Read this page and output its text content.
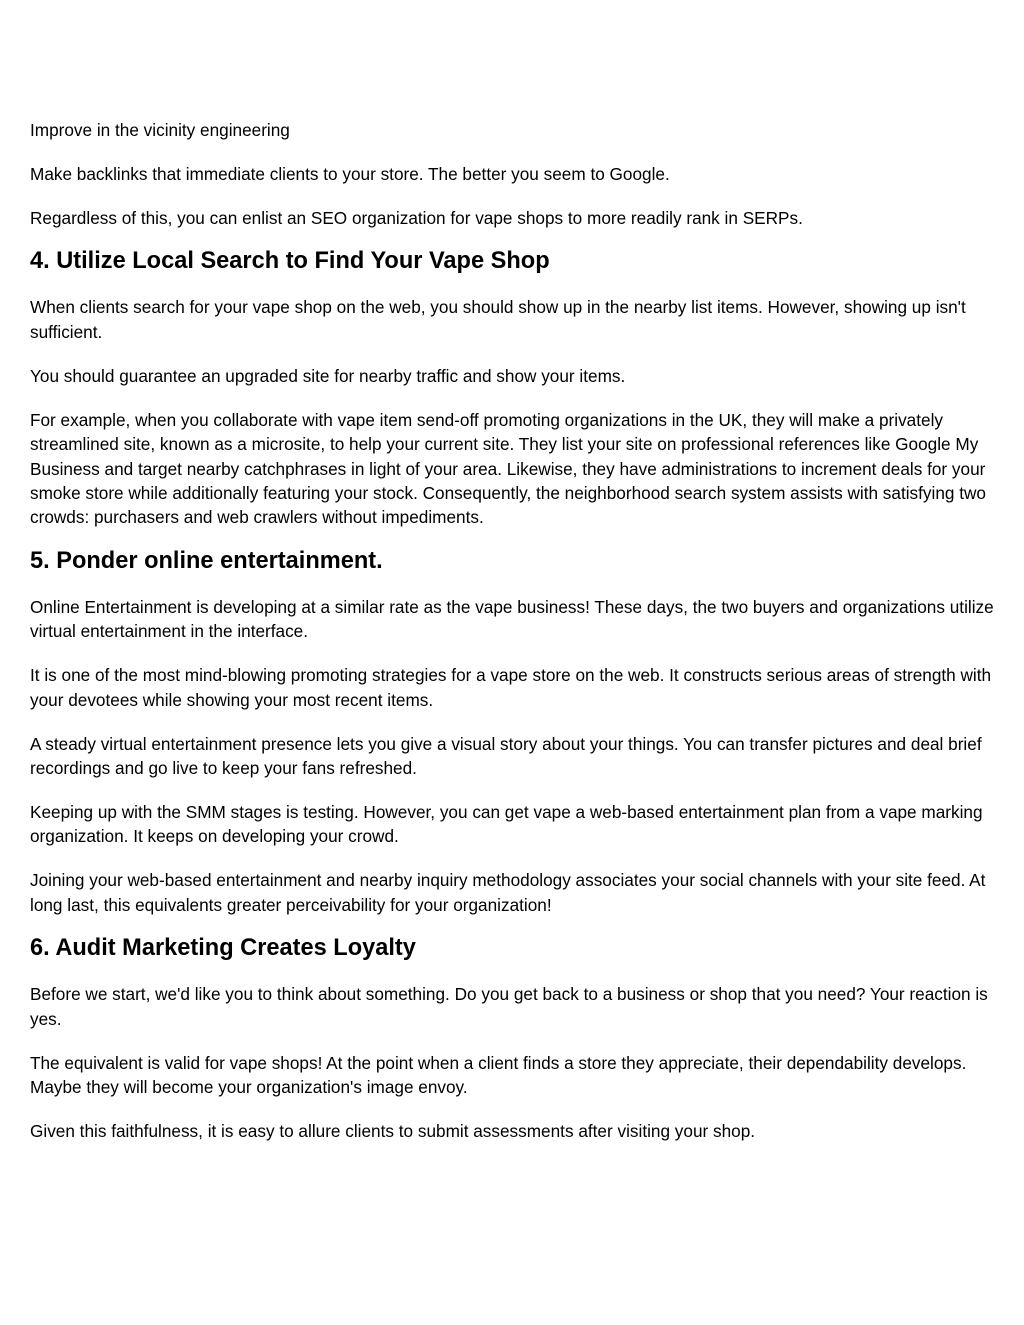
Improve in the vicinity engineering

Make backlinks that immediate clients to your store. The better you seem to Google.

Regardless of this, you can enlist an SEO organization for vape shops to more readily rank in SERPs.

4. Utilize Local Search to Find Your Vape Shop

When clients search for your vape shop on the web, you should show up in the nearby list items. However, showing up isn't sufficient.

You should guarantee an upgraded site for nearby traffic and show your items.

For example, when you collaborate with vape item send-off promoting organizations in the UK, they will make a privately streamlined site, known as a microsite, to help your current site. They list your site on professional references like Google My Business and target nearby catchphrases in light of your area. Likewise, they have administrations to increment deals for your smoke store while additionally featuring your stock. Consequently, the neighborhood search system assists with satisfying two crowds: purchasers and web crawlers without impediments.

5. Ponder online entertainment.

Online Entertainment is developing at a similar rate as the vape business! These days, the two buyers and organizations utilize virtual entertainment in the interface.

It is one of the most mind-blowing promoting strategies for a vape store on the web. It constructs serious areas of strength with your devotees while showing your most recent items.

A steady virtual entertainment presence lets you give a visual story about your things. You can transfer pictures and deal brief recordings and go live to keep your fans refreshed.

Keeping up with the SMM stages is testing. However, you can get vape a web-based entertainment plan from a vape marking organization. It keeps on developing your crowd.

Joining your web-based entertainment and nearby inquiry methodology associates your social channels with your site feed. At long last, this equivalents greater perceivability for your organization!

6. Audit Marketing Creates Loyalty

Before we start, we'd like you to think about something. Do you get back to a business or shop that you need? Your reaction is yes.

The equivalent is valid for vape shops! At the point when a client finds a store they appreciate, their dependability develops. Maybe they will become your organization's image envoy.

Given this faithfulness, it is easy to allure clients to submit assessments after visiting your shop.
